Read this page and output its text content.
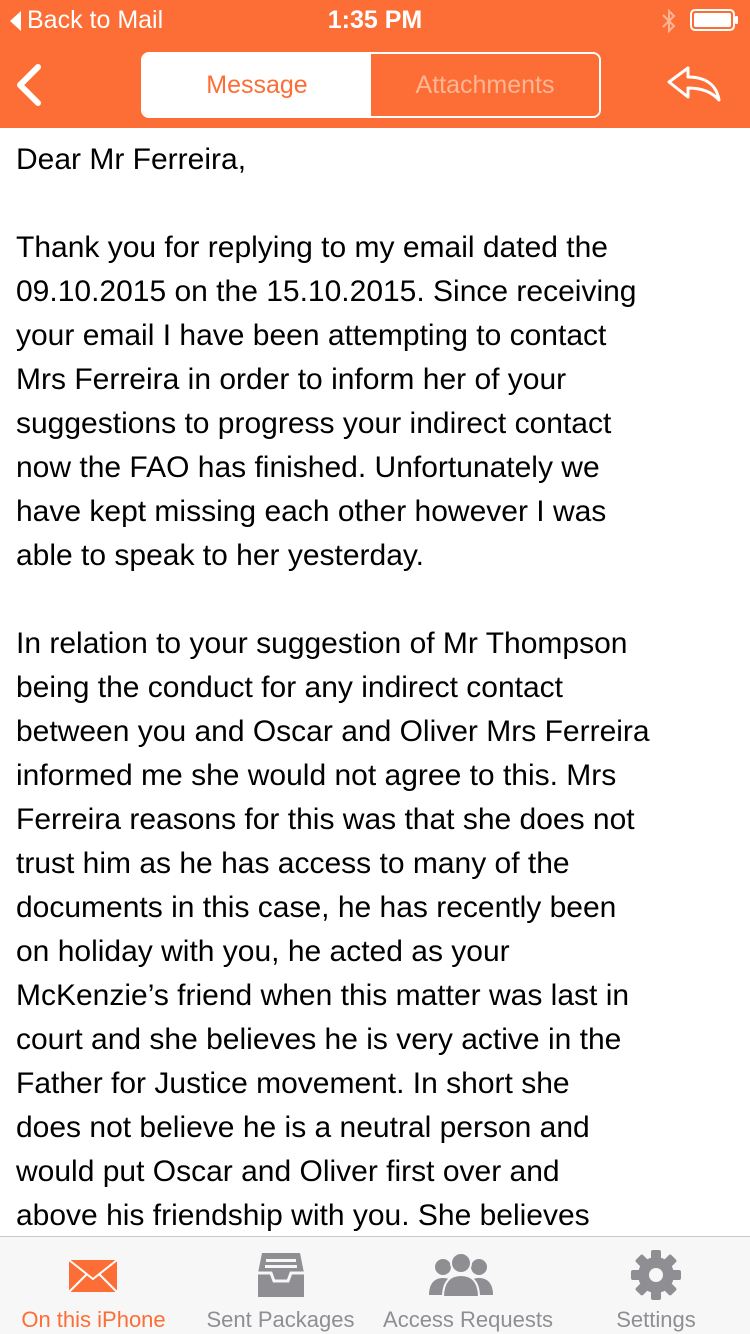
Back to Mail	1:35 PM
Message	Attachments

Dear Mr Ferreira,

Thank you for replying to my email dated the
09.10.2015 on the 15.10.2015. Since receiving
your email I have been attempting to contact
Mrs Ferreira in order to inform her of your
suggestions to progress your indirect contact
now the FAO has finished. Unfortunately we
have kept missing each other however I was
able to speak to her yesterday.

In relation to your suggestion of Mr Thompson
being the conduct for any indirect contact
between you and Oscar and Oliver Mrs Ferreira
informed me she would not agree to this. Mrs
Ferreira reasons for this was that she does not
trust him as he has access to many of the
documents in this case, he has recently been
on holiday with you, he acted as your
McKenzie’s friend when this matter was last in
court and she believes he is very active in the
Father for Justice movement. In short she
does not believe he is a neutral person and
would put Oscar and Oliver first over and
above his friendship with you. She believes

On this iPhone	Sent Packages	Access Requests	Settings
